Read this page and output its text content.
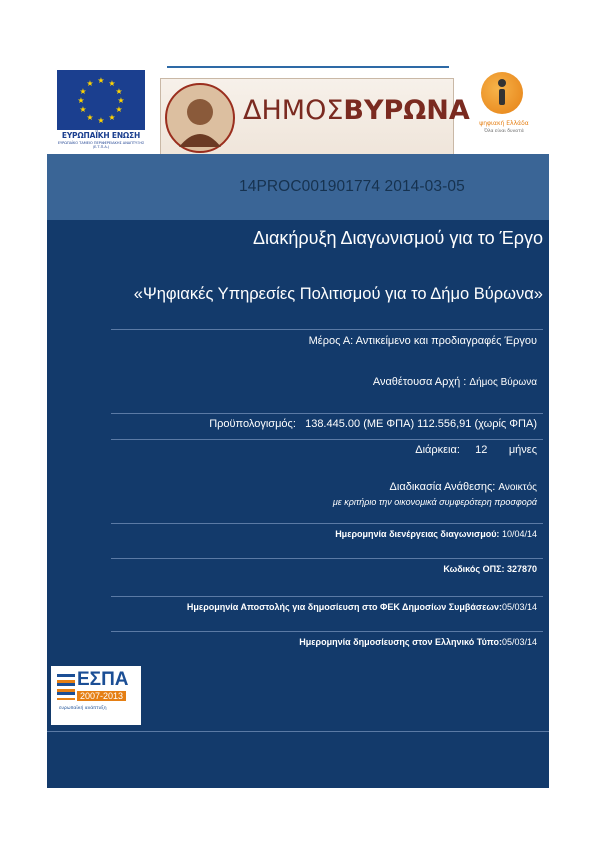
★ ★
★
★
★
★
★
★
★
★
★
★
ΕΥΡΩΠΑΪΚΗ ΕΝΩΣΗ
ΕΥΡΩΠΑΪΚΟ ΤΑΜΕΙΟ ΠΕΡΙΦΕΡΕΙΑΚΗΣ ΑΝΑΠΤΥΞΗΣ (Ε.Τ.Π.Α.)
ΔΗΜΟΣΒΥΡΩΝΑ	ψηφιακή Ελλάδα
Όλα είναι δυνατά
14PROC001901774 2014-03-05
Διακήρυξη Διαγωνισμού για το Έργο
«Ψηφιακές Υπηρεσίες Πολιτισμού για το Δήμο Βύρωνα»
Μέρος Α: Αντικείμενο και προδιαγραφές Έργου
Αναθέτουσα Αρχή : Δήμος Βύρωνα
Προϋπολογισμός: 138.445.00 (ΜΕ ΦΠΑ) 112.556,91 (χωρίς ΦΠΑ)
Διάρκεια: 12 μήνες
Διαδικασία Ανάθεσης: Ανοικτός
με κριτήριο την οικονομικά συμφερότερη προσφορά
Ημερομηνία διενέργειας διαγωνισμού: 10/04/14
Κωδικός ΟΠΣ: 327870
Ημερομηνία Αποστολής για δημοσίευση στο ΦΕΚ Δημοσίων Συμβάσεων:05/03/14
Ημερομηνία δημοσίευσης στον Ελληνικό Τύπο:05/03/14
ΕΣΠΑ
2007-2013
ευρωπαϊκή ανάπτυξη
